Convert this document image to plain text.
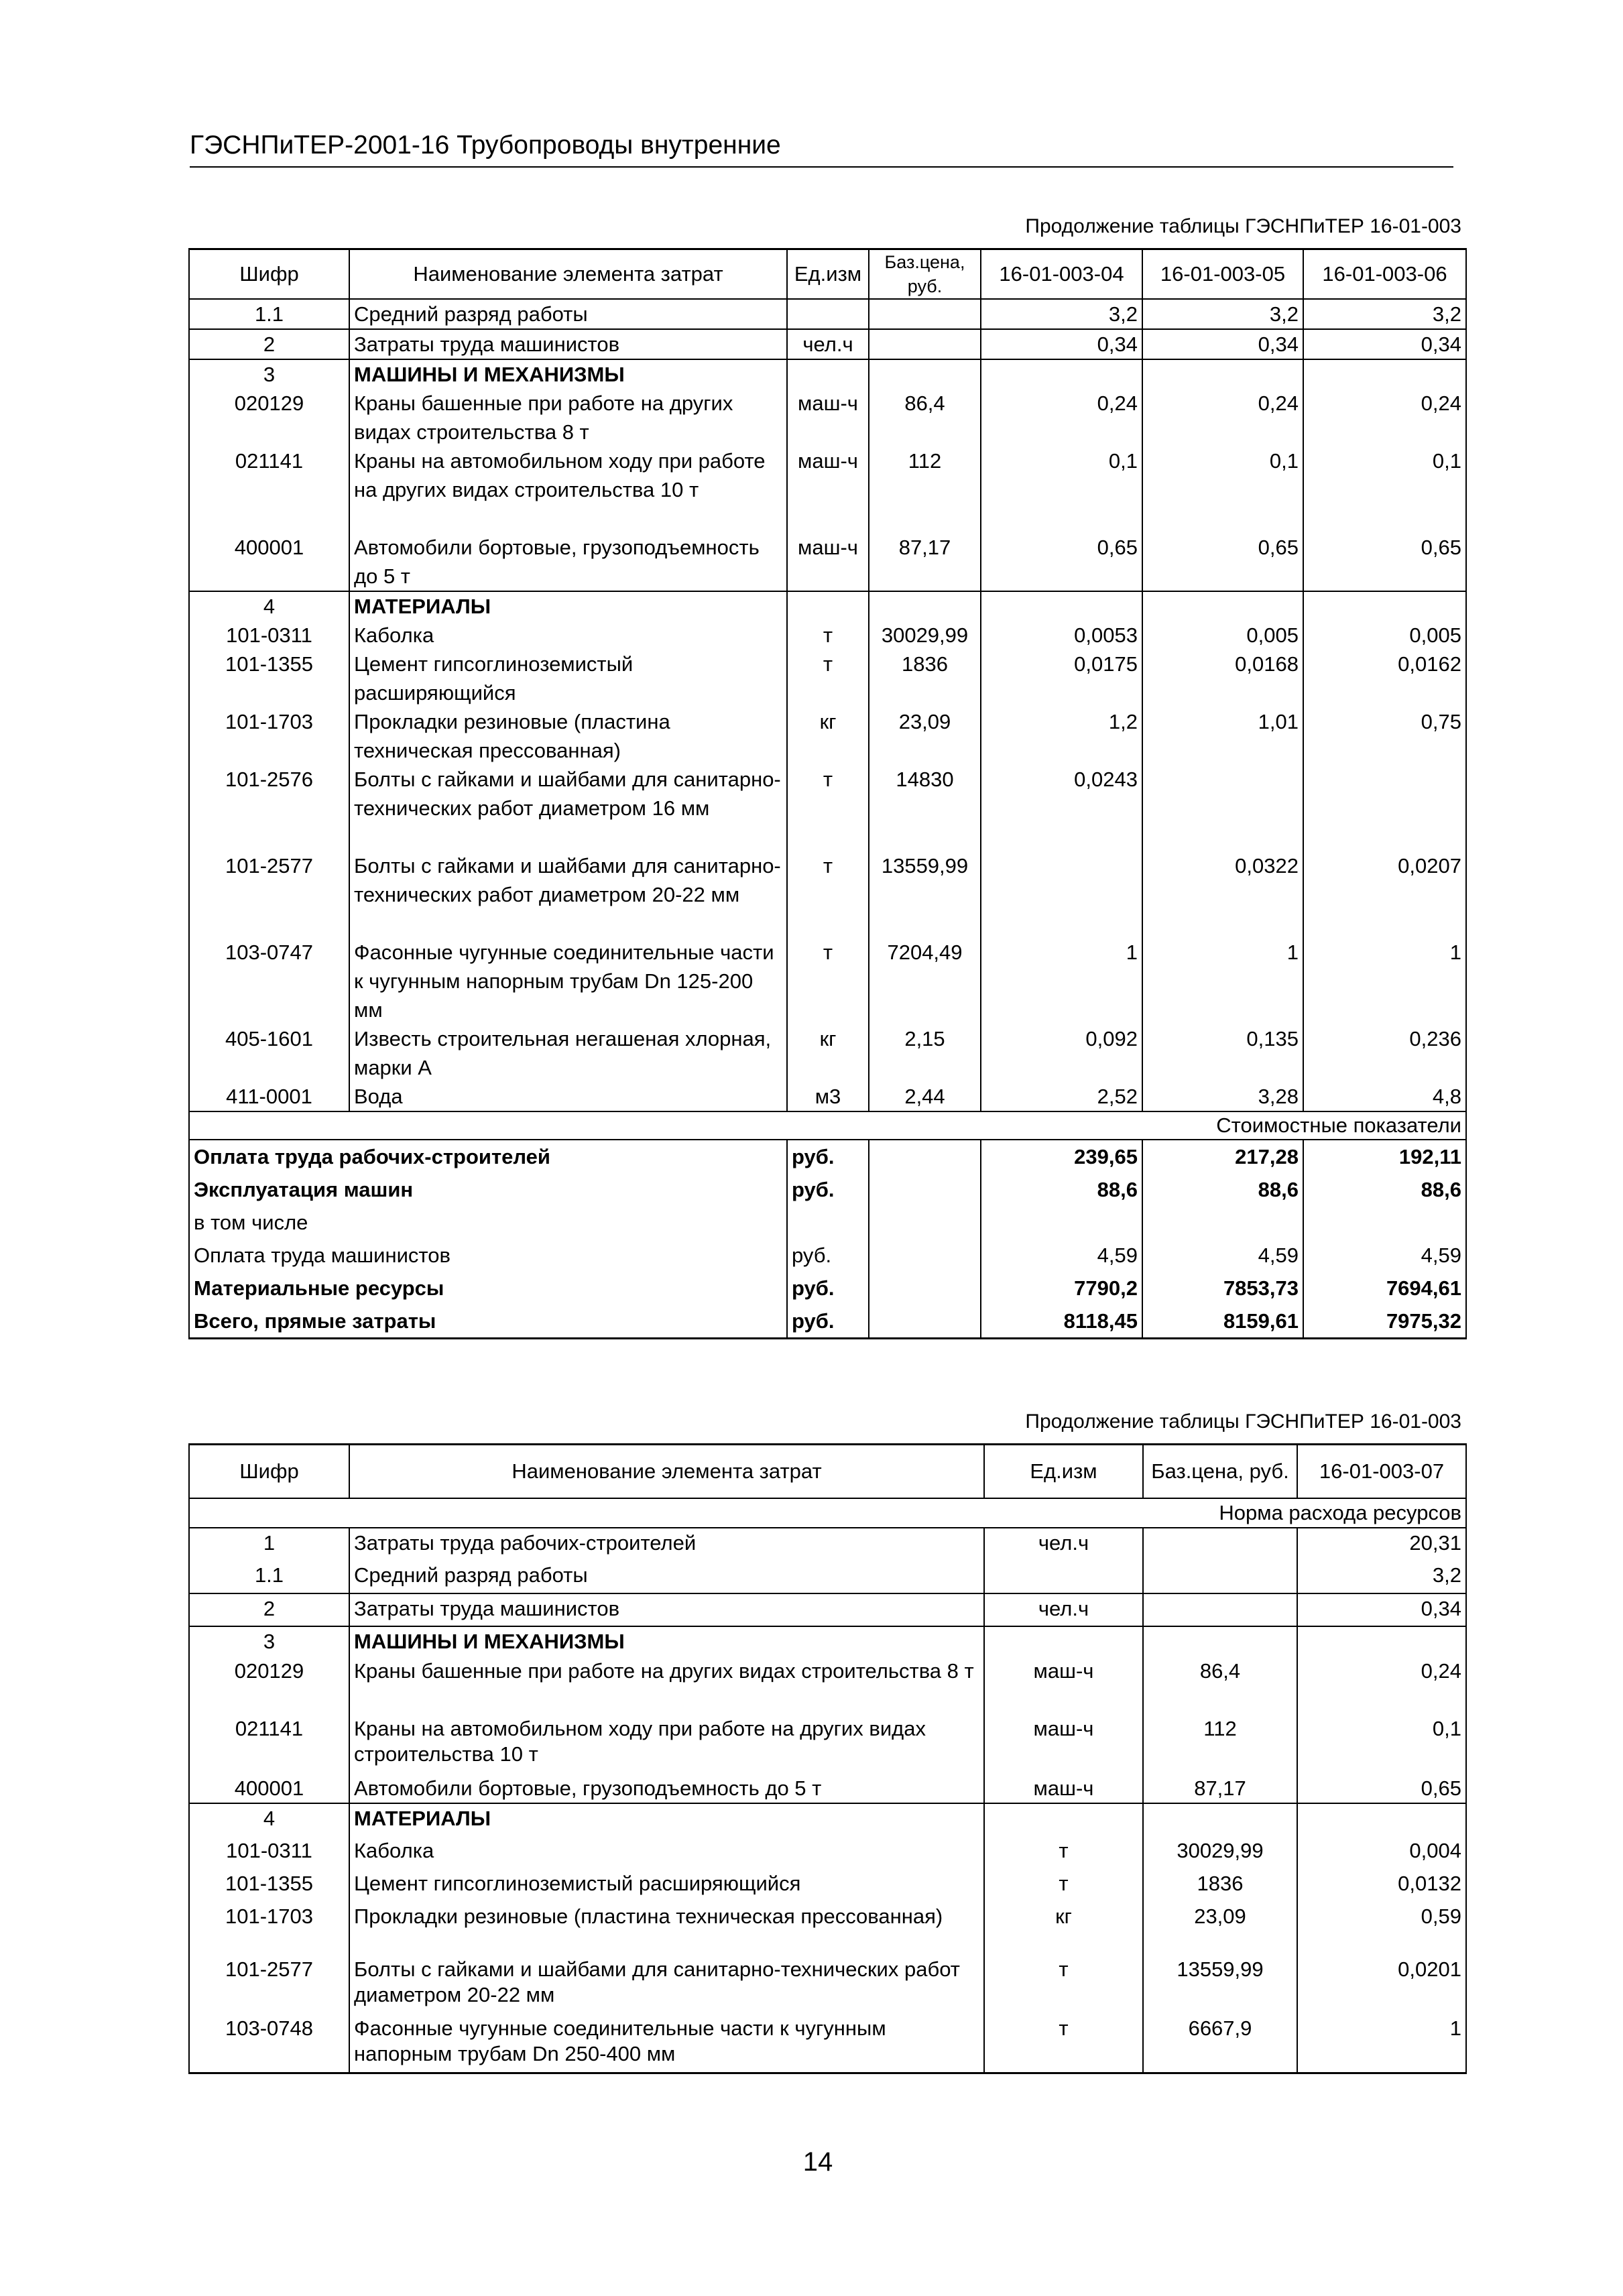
ГЭСНПиТЕР-2001-16 Трубопроводы внутренние
Продолжение таблицы ГЭСНПиТЕР 16-01-003
Шифр	Наименование элемента затрат	Ед.изм	Баз.цена, руб.	16-01-003-04	16-01-003-05	16-01-003-06
1.1	Средний разряд работы			3,2	3,2	3,2
2	Затраты труда машинистов	чел.ч		0,34	0,34	0,34
3	МАШИНЫ И МЕХАНИЗМЫ					
020129	Краны башенные при работе на других видах строительства 8 т	маш-ч	86,4	0,24	0,24	0,24
021141	Краны на автомобильном ходу при работе на других видах строительства 10 т	маш-ч	112	0,1	0,1	0,1
400001	Автомобили бортовые, грузоподъемность до 5 т	маш-ч	87,17	0,65	0,65	0,65
4	МАТЕРИАЛЫ					
101-0311	Каболка	т	30029,99	0,0053	0,005	0,005
101-1355	Цемент гипсоглиноземистый расширяющийся	т	1836	0,0175	0,0168	0,0162
101-1703	Прокладки резиновые (пластина техническая прессованная)	кг	23,09	1,2	1,01	0,75
101-2576	Болты с гайками и шайбами для санитарно-технических работ диаметром 16 мм	т	14830	0,0243		
101-2577	Болты с гайками и шайбами для санитарно-технических работ диаметром 20-22 мм	т	13559,99		0,0322	0,0207
103-0747	Фасонные чугунные соединительные части к чугунным напорным трубам Dn 125-200 мм	т	7204,49	1	1	1
405-1601	Известь строительная негашеная хлорная, марки А	кг	2,15	0,092	0,135	0,236
411-0001	Вода	м3	2,44	2,52	3,28	4,8
Стоимостные показатели						
Оплата труда рабочих-строителей		руб.		239,65	217,28	192,11
Эксплуатация машин		руб.		88,6	88,6	88,6
в том числе						
Оплата труда машинистов		руб.		4,59	4,59	4,59
Материальные ресурсы		руб.		7790,2	7853,73	7694,61
Всего, прямые затраты		руб.		8118,45	8159,61	7975,32
Продолжение таблицы ГЭСНПиТЕР 16-01-003
Шифр	Наименование элемента затрат	Ед.изм	Баз.цена, руб.	16-01-003-07
Норма расхода ресурсов				
1	Затраты труда рабочих-строителей	чел.ч		20,31
1.1	Средний разряд работы			3,2
2	Затраты труда машинистов	чел.ч		0,34
3	МАШИНЫ И МЕХАНИЗМЫ			
020129	Краны башенные при работе на других видах строительства 8 т	маш-ч	86,4	0,24
021141	Краны на автомобильном ходу при работе на других видах строительства 10 т	маш-ч	112	0,1
400001	Автомобили бортовые, грузоподъемность до 5 т	маш-ч	87,17	0,65
4	МАТЕРИАЛЫ			
101-0311	Каболка	т	30029,99	0,004
101-1355	Цемент гипсоглиноземистый расширяющийся	т	1836	0,0132
101-1703	Прокладки резиновые (пластина техническая прессованная)	кг	23,09	0,59
101-2577	Болты с гайками и шайбами для санитарно-технических работ диаметром 20-22 мм	т	13559,99	0,0201
103-0748	Фасонные чугунные соединительные части к чугунным напорным трубам Dn 250-400 мм	т	6667,9	1
14
